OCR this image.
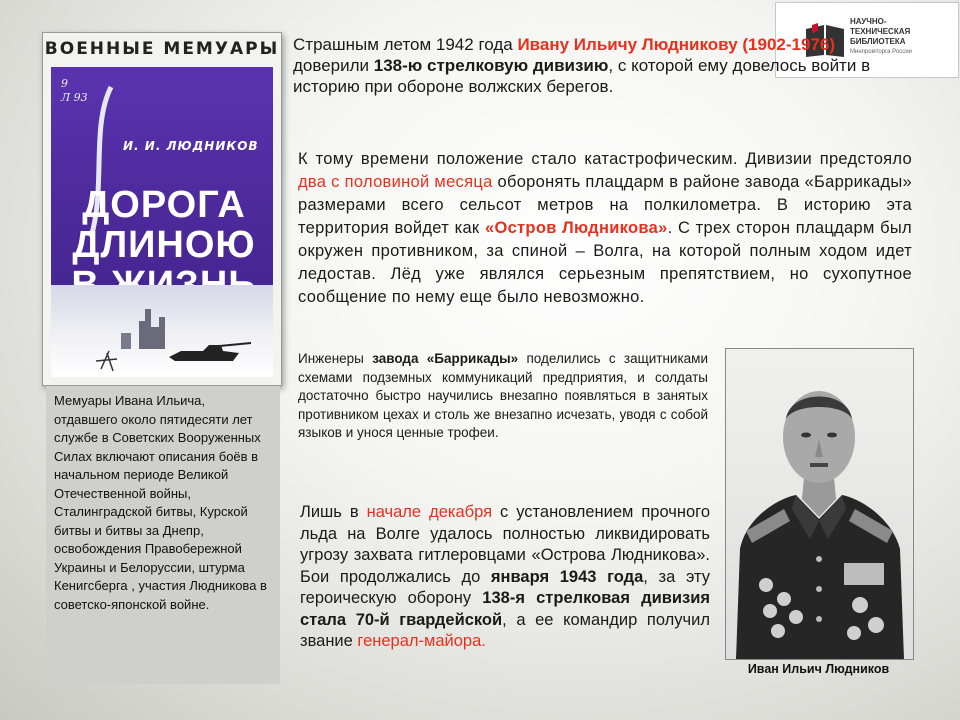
НАУЧНО-
ТЕХНИЧЕСКАЯ
БИБЛИОТЕКА
Минпромторга России
ВОЕННЫЕ МЕМУАРЫ
9
Л 93
И. И. ЛЮДНИКОВ
ДОРОГА
ДЛИНОЮ
Мемуары Ивана Ильича, отдавшего около пятидесяти лет службе в Советских Вооруженных Силах включают описания боёв в начальном периоде Великой Отечественной войны, Сталинградской битвы, Курской битвы и битвы за Днепр, освобождения Правобережной Украины и Белоруссии, штурма Кенигсберга , участия Людникова в советско-японской войне.
Страшным летом 1942 года Ивану Ильичу Людникову (1902-1976) доверили 138-ю стрелковую дивизию, с которой ему довелось войти в историю при обороне волжских берегов.
К тому времени положение стало катастрофическим. Дивизии предстояло два с половиной месяца оборонять плацдарм в районе завода «Баррикады» размерами всего сельсот метров на полкилометра. В историю эта территория войдет как «Остров Людникова». С трех сторон плацдарм был окружен противником, за спиной – Волга, на которой полным ходом идет ледостав. Лёд уже являлся серьезным препятствием, но сухопутное сообщение по нему еще было невозможно.
Инженеры завода «Баррикады» поделились с защитниками схемами подземных коммуникаций предприятия, и солдаты достаточно быстро научились внезапно появляться в занятых противником цехах и столь же внезапно исчезать, уводя с собой языков и унося ценные трофеи.
Лишь в начале декабря с установлением прочного льда на Волге удалось полностью ликвидировать угрозу захвата гитлеровцами «Острова Людникова». Бои продолжались до января 1943 года, за эту героическую оборону 138-я стрелковая дивизия стала 70-й гвардейской, а ее командир получил звание генерал-майора.
Иван Ильич Людников
